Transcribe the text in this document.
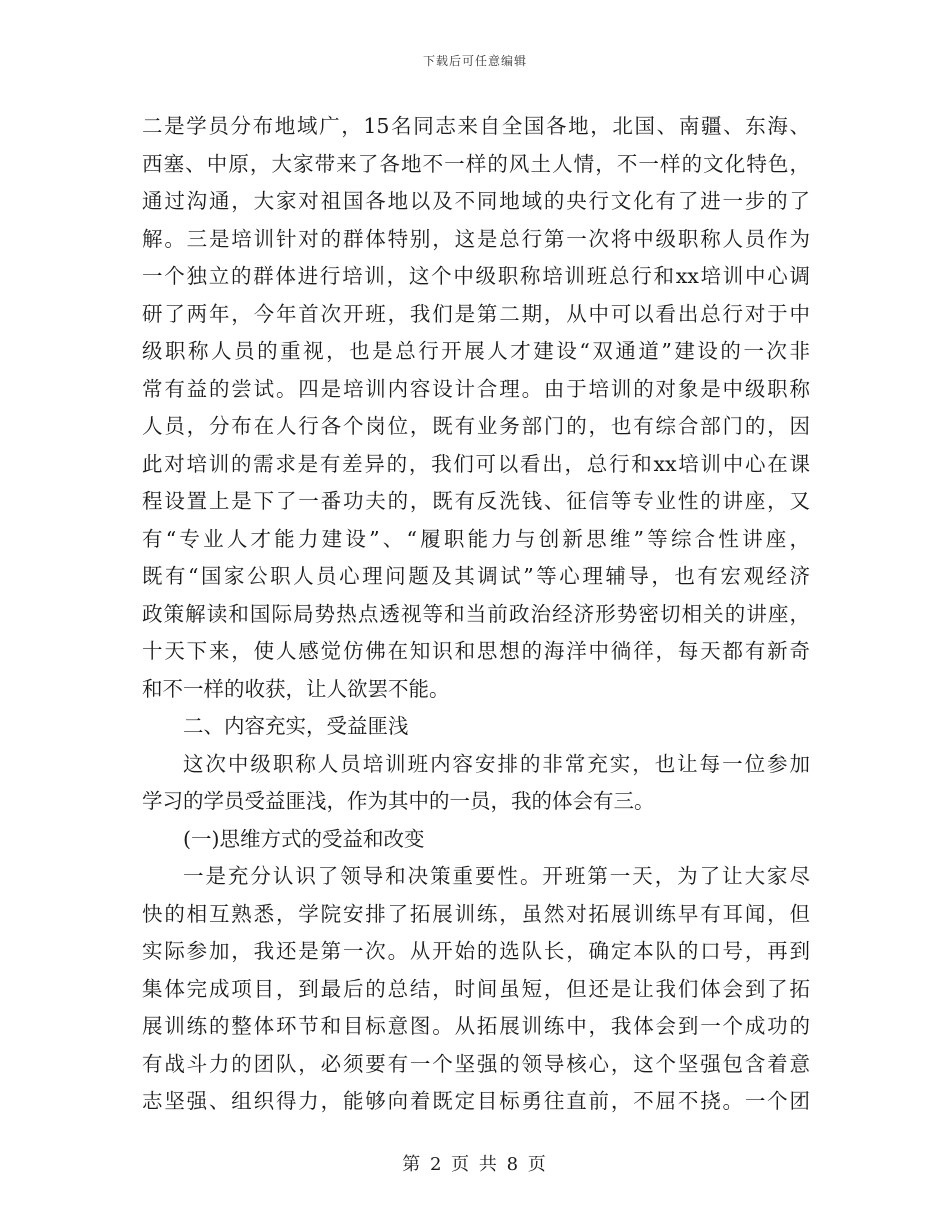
下载后可任意编辑
二是学员分布地域广，15名同志来自全国各地，北国、南疆、东海、
西塞、中原，大家带来了各地不一样的风土人情，不一样的文化特色，
通过沟通，大家对祖国各地以及不同地域的央行文化有了进一步的了
解。三是培训针对的群体特别，这是总行第一次将中级职称人员作为
一个独立的群体进行培训，这个中级职称培训班总行和xx培训中心调
研了两年，今年首次开班，我们是第二期，从中可以看出总行对于中
级职称人员的重视，也是总行开展人才建设“双通道”建设的一次非
常有益的尝试。四是培训内容设计合理。由于培训的对象是中级职称
人员，分布在人行各个岗位，既有业务部门的，也有综合部门的，因
此对培训的需求是有差异的，我们可以看出，总行和xx培训中心在课
程设置上是下了一番功夫的，既有反洗钱、征信等专业性的讲座，又
有“专业人才能力建设”、“履职能力与创新思维”等综合性讲座，
既有“国家公职人员心理问题及其调试”等心理辅导，也有宏观经济
政策解读和国际局势热点透视等和当前政治经济形势密切相关的讲座，
十天下来，使人感觉仿佛在知识和思想的海洋中徜徉，每天都有新奇
和不一样的收获，让人欲罢不能。
二、内容充实，受益匪浅
这次中级职称人员培训班内容安排的非常充实，也让每一位参加
学习的学员受益匪浅，作为其中的一员，我的体会有三。
(一)思维方式的受益和改变
一是充分认识了领导和决策重要性。开班第一天，为了让大家尽
快的相互熟悉，学院安排了拓展训练，虽然对拓展训练早有耳闻，但
实际参加，我还是第一次。从开始的选队长，确定本队的口号，再到
集体完成项目，到最后的总结，时间虽短，但还是让我们体会到了拓
展训练的整体环节和目标意图。从拓展训练中，我体会到一个成功的
有战斗力的团队，必须要有一个坚强的领导核心，这个坚强包含着意
志坚强、组织得力，能够向着既定目标勇往直前，不屈不挠。一个团
第 2 页 共 8 页
